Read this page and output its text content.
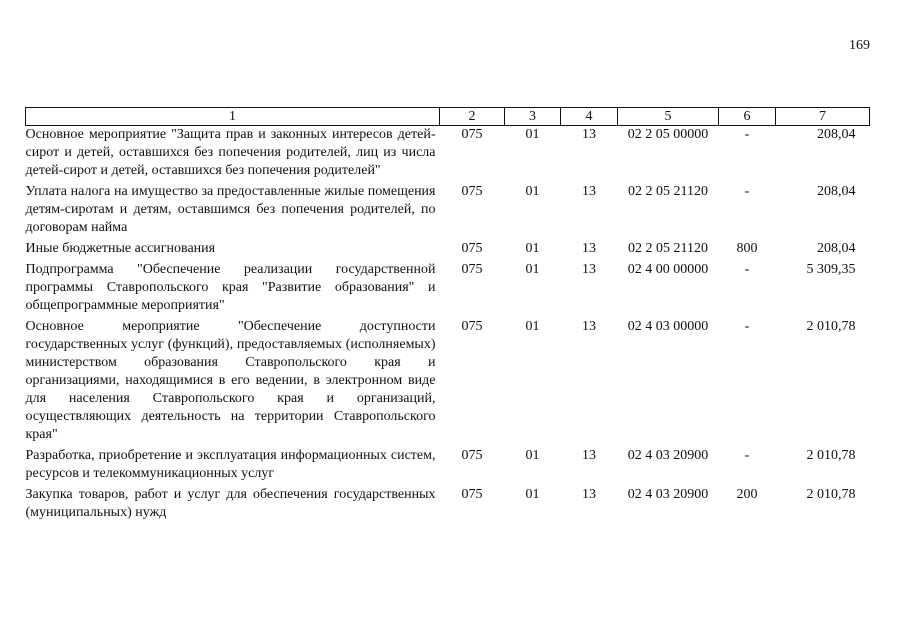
169
1	2	3	4	5	6	7
Основное мероприятие "Защита прав и законных интересов детей-сирот и детей, оставшихся без попечения родителей, лиц из числа детей-сирот и детей, оставшихся без попечения родителей"	075	01	13	02 2 05 00000	-	208,04
Уплата налога на имущество за предоставленные жилые помещения детям-сиротам и детям, оставшимся без попечения родителей, по договорам найма	075	01	13	02 2 05 21120	-	208,04
Иные бюджетные ассигнования	075	01	13	02 2 05 21120	800	208,04
Подпрограмма "Обеспечение реализации государственной программы Ставропольского края "Развитие образования" и общепрограммные мероприятия"	075	01	13	02 4 00 00000	-	5 309,35
Основное мероприятие "Обеспечение доступности государственных услуг (функций), предоставляемых (исполняемых) министерством образования Ставропольского края и организациями, находящимися в его ведении, в электронном виде для населения Ставропольского края и организаций, осуществляющих деятельность на территории Ставропольского края"	075	01	13	02 4 03 00000	-	2 010,78
Разработка, приобретение и эксплуатация информационных систем, ресурсов и телекоммуникационных услуг	075	01	13	02 4 03 20900	-	2 010,78
Закупка товаров, работ и услуг для обеспечения государственных (муниципальных) нужд	075	01	13	02 4 03 20900	200	2 010,78
